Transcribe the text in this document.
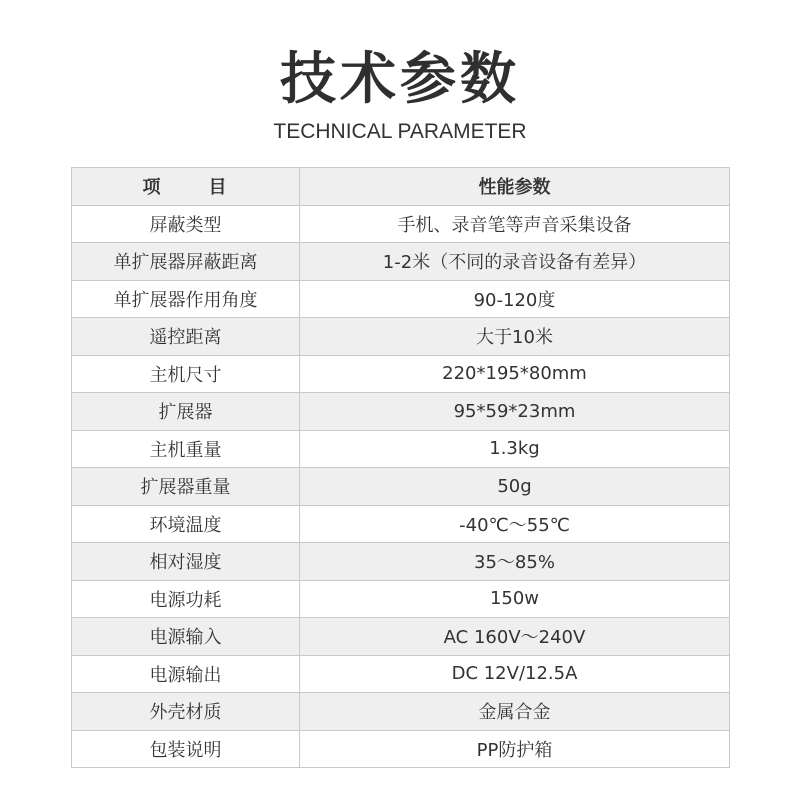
技术参数
TECHNICAL PARAMETER
项 目	性能参数
屏蔽类型	手机、录音笔等声音采集设备
单扩展器屏蔽距离	1-2米（不同的录音设备有差异）
单扩展器作用角度	90-120度
遥控距离	大于10米
主机尺寸	220*195*80mm
扩展器	95*59*23mm
主机重量	1.3kg
扩展器重量	50g
环境温度	-40℃～55℃
相对湿度	35～85%
电源功耗	150w
电源输入	AC 160V～240V
电源输出	DC 12V/12.5A
外壳材质	金属合金
包装说明	PP防护箱
